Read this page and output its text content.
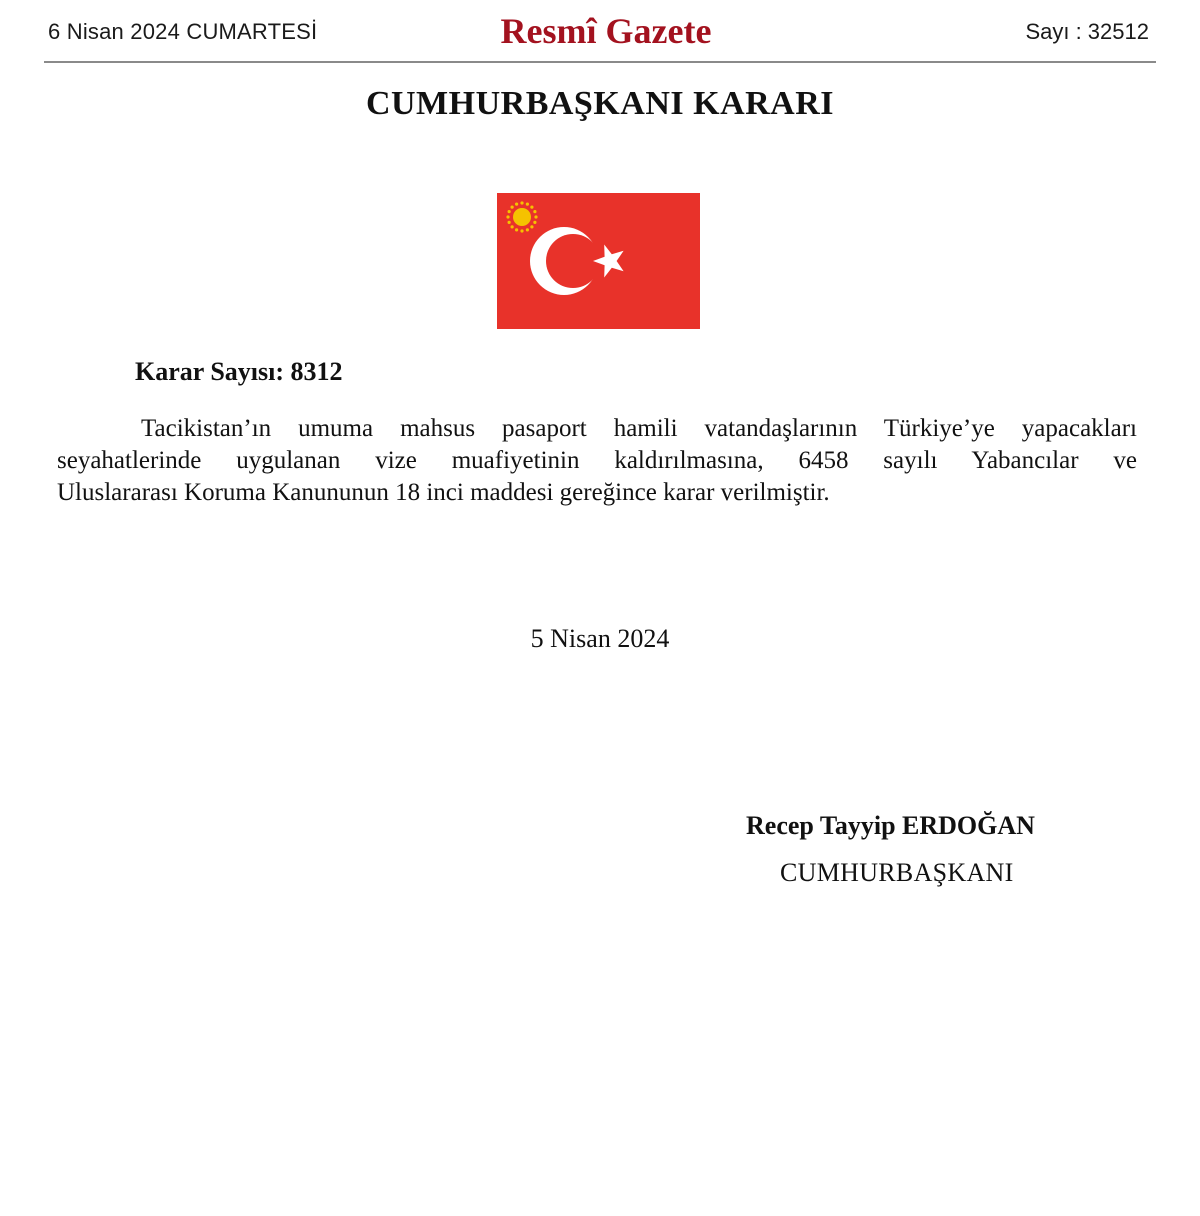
6 Nisan 2024 CUMARTESİ	Resmî Gazete	Sayı : 32512
CUMHURBAŞKANI KARARI
Karar Sayısı: 8312
Tacikistan’ın umuma mahsus pasaport hamili vatandaşlarının Türkiye’ye yapacakları
seyahatlerinde uygulanan vize muafiyetinin kaldırılmasına, 6458 sayılı Yabancılar ve
Uluslararası Koruma Kanununun 18 inci maddesi gereğince karar verilmiştir.
5 Nisan 2024
Recep Tayyip ERDOĞAN
CUMHURBAŞKANI
